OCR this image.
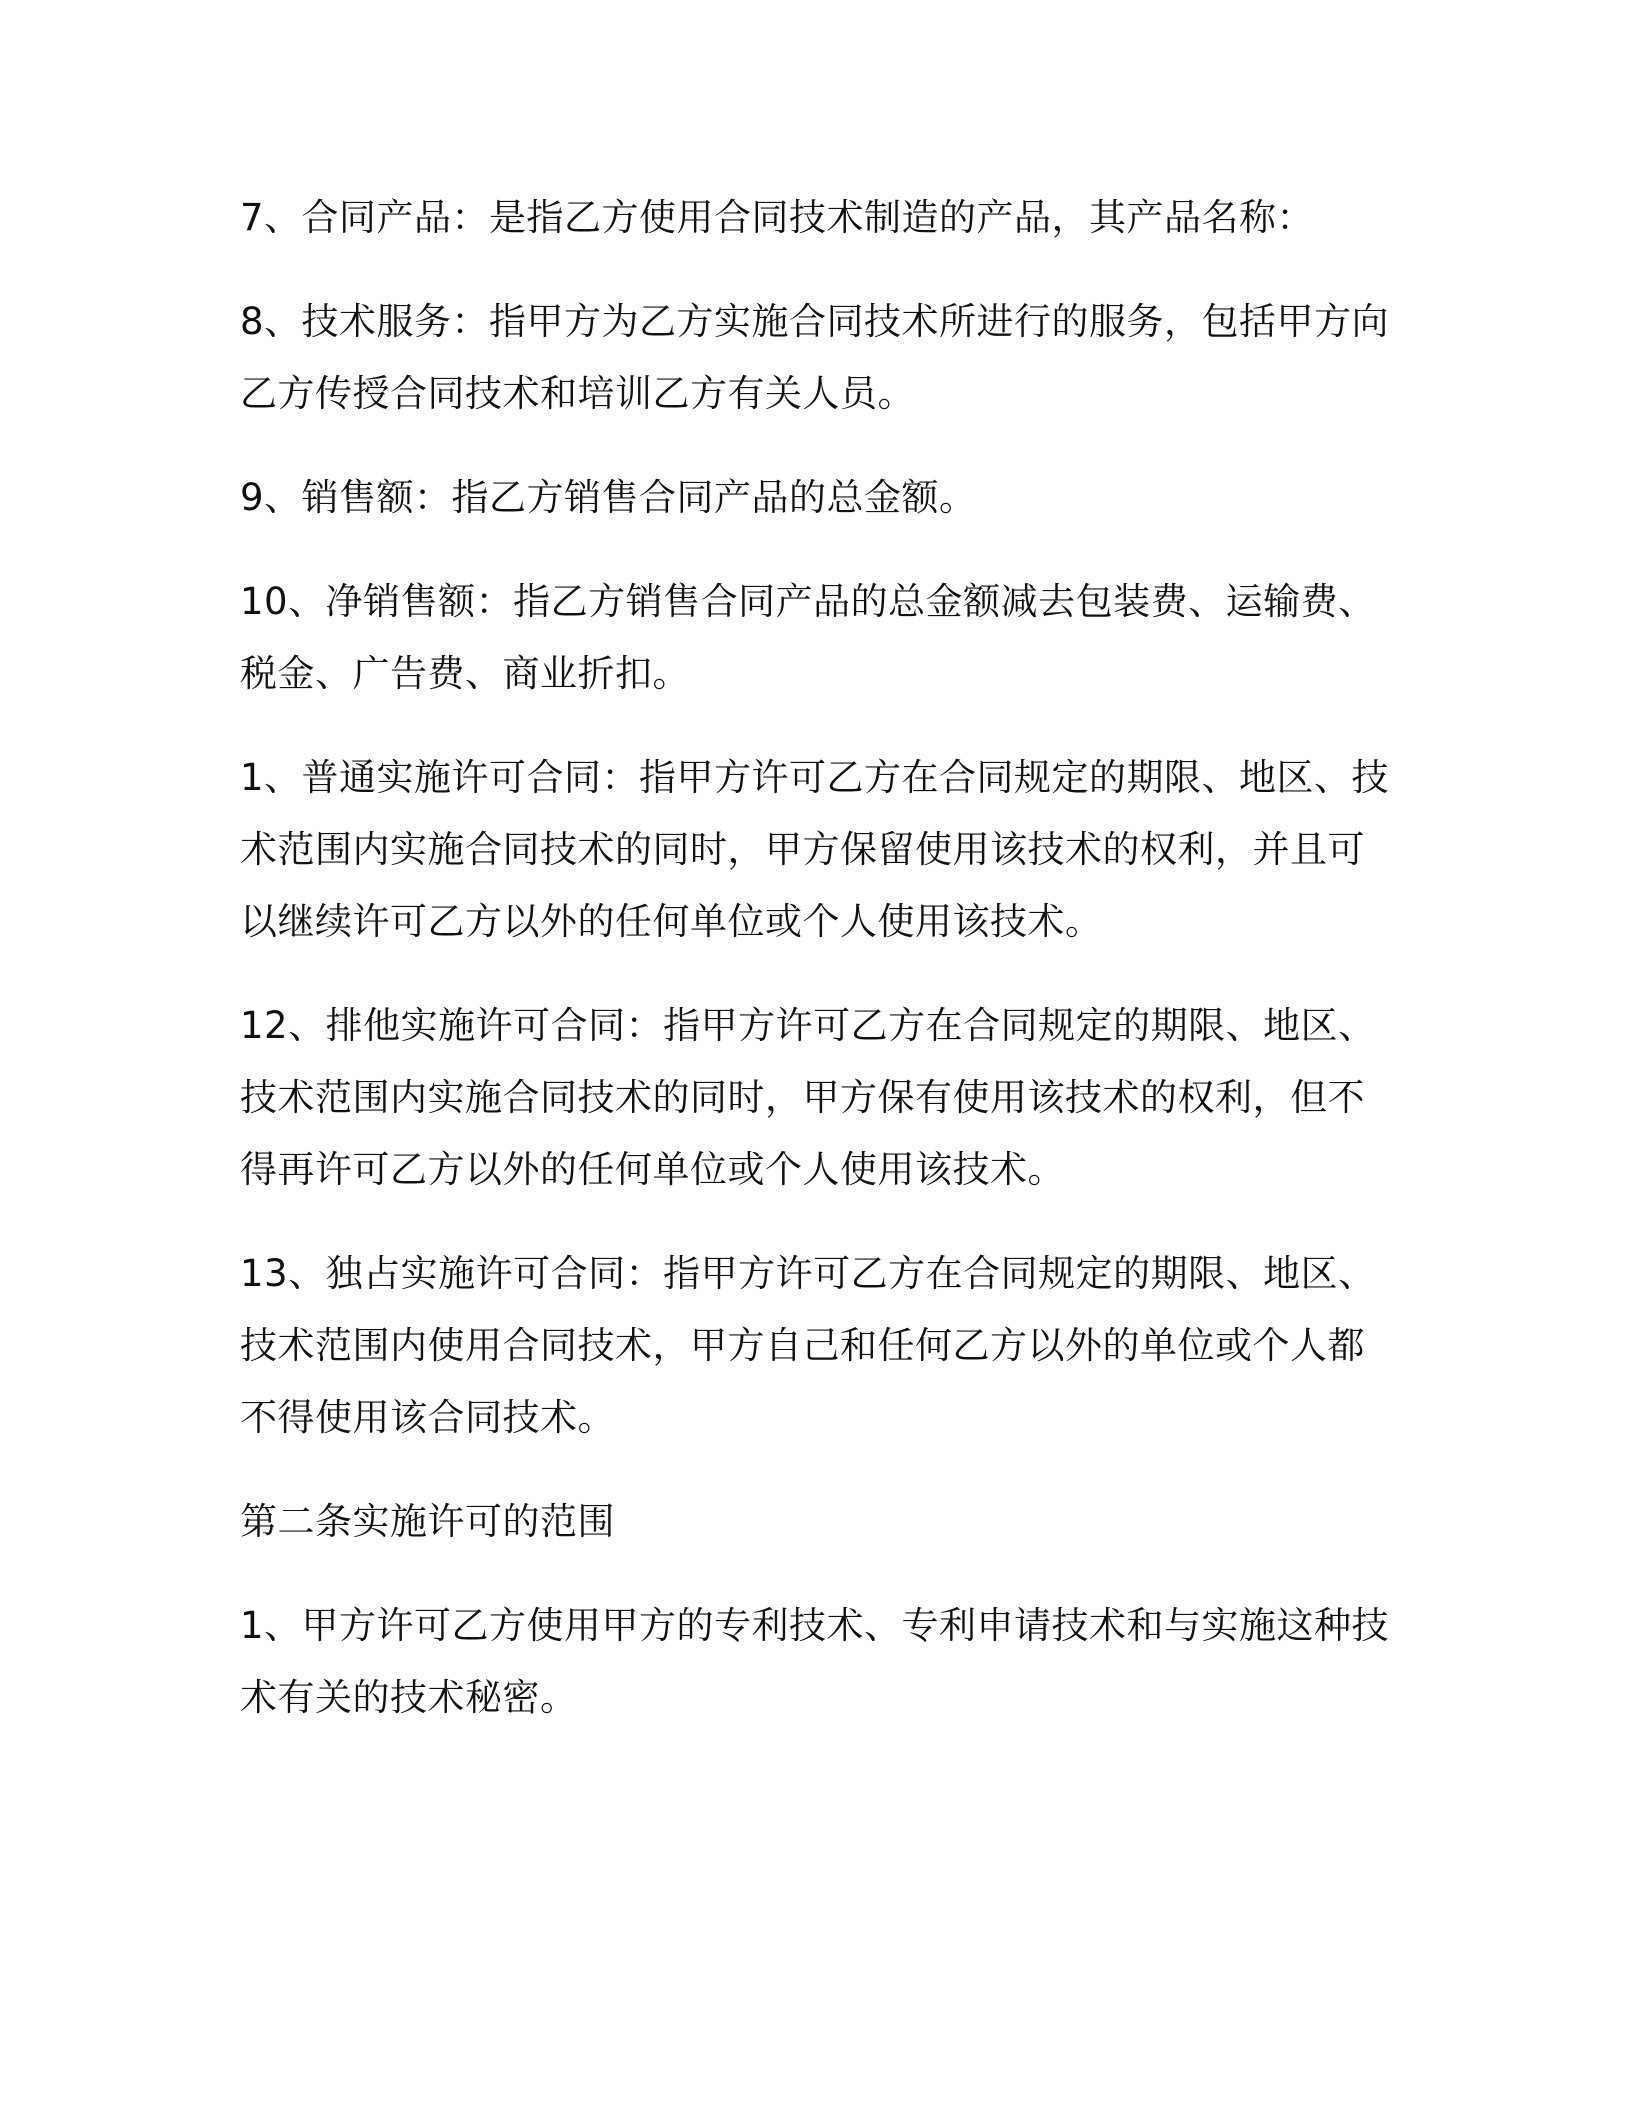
7、合同产品：是指乙方使用合同技术制造的产品，其产品名称：

8、技术服务：指甲方为乙方实施合同技术所进行的服务，包括甲方向
乙方传授合同技术和培训乙方有关人员。

9、销售额：指乙方销售合同产品的总金额。

10、净销售额：指乙方销售合同产品的总金额减去包装费、运输费、
税金、广告费、商业折扣。

1、普通实施许可合同：指甲方许可乙方在合同规定的期限、地区、技
术范围内实施合同技术的同时，甲方保留使用该技术的权利，并且可
以继续许可乙方以外的任何单位或个人使用该技术。

12、排他实施许可合同：指甲方许可乙方在合同规定的期限、地区、
技术范围内实施合同技术的同时，甲方保有使用该技术的权利，但不
得再许可乙方以外的任何单位或个人使用该技术。

13、独占实施许可合同：指甲方许可乙方在合同规定的期限、地区、
技术范围内使用合同技术，甲方自己和任何乙方以外的单位或个人都
不得使用该合同技术。

第二条实施许可的范围

1、甲方许可乙方使用甲方的专利技术、专利申请技术和与实施这种技
术有关的技术秘密。
